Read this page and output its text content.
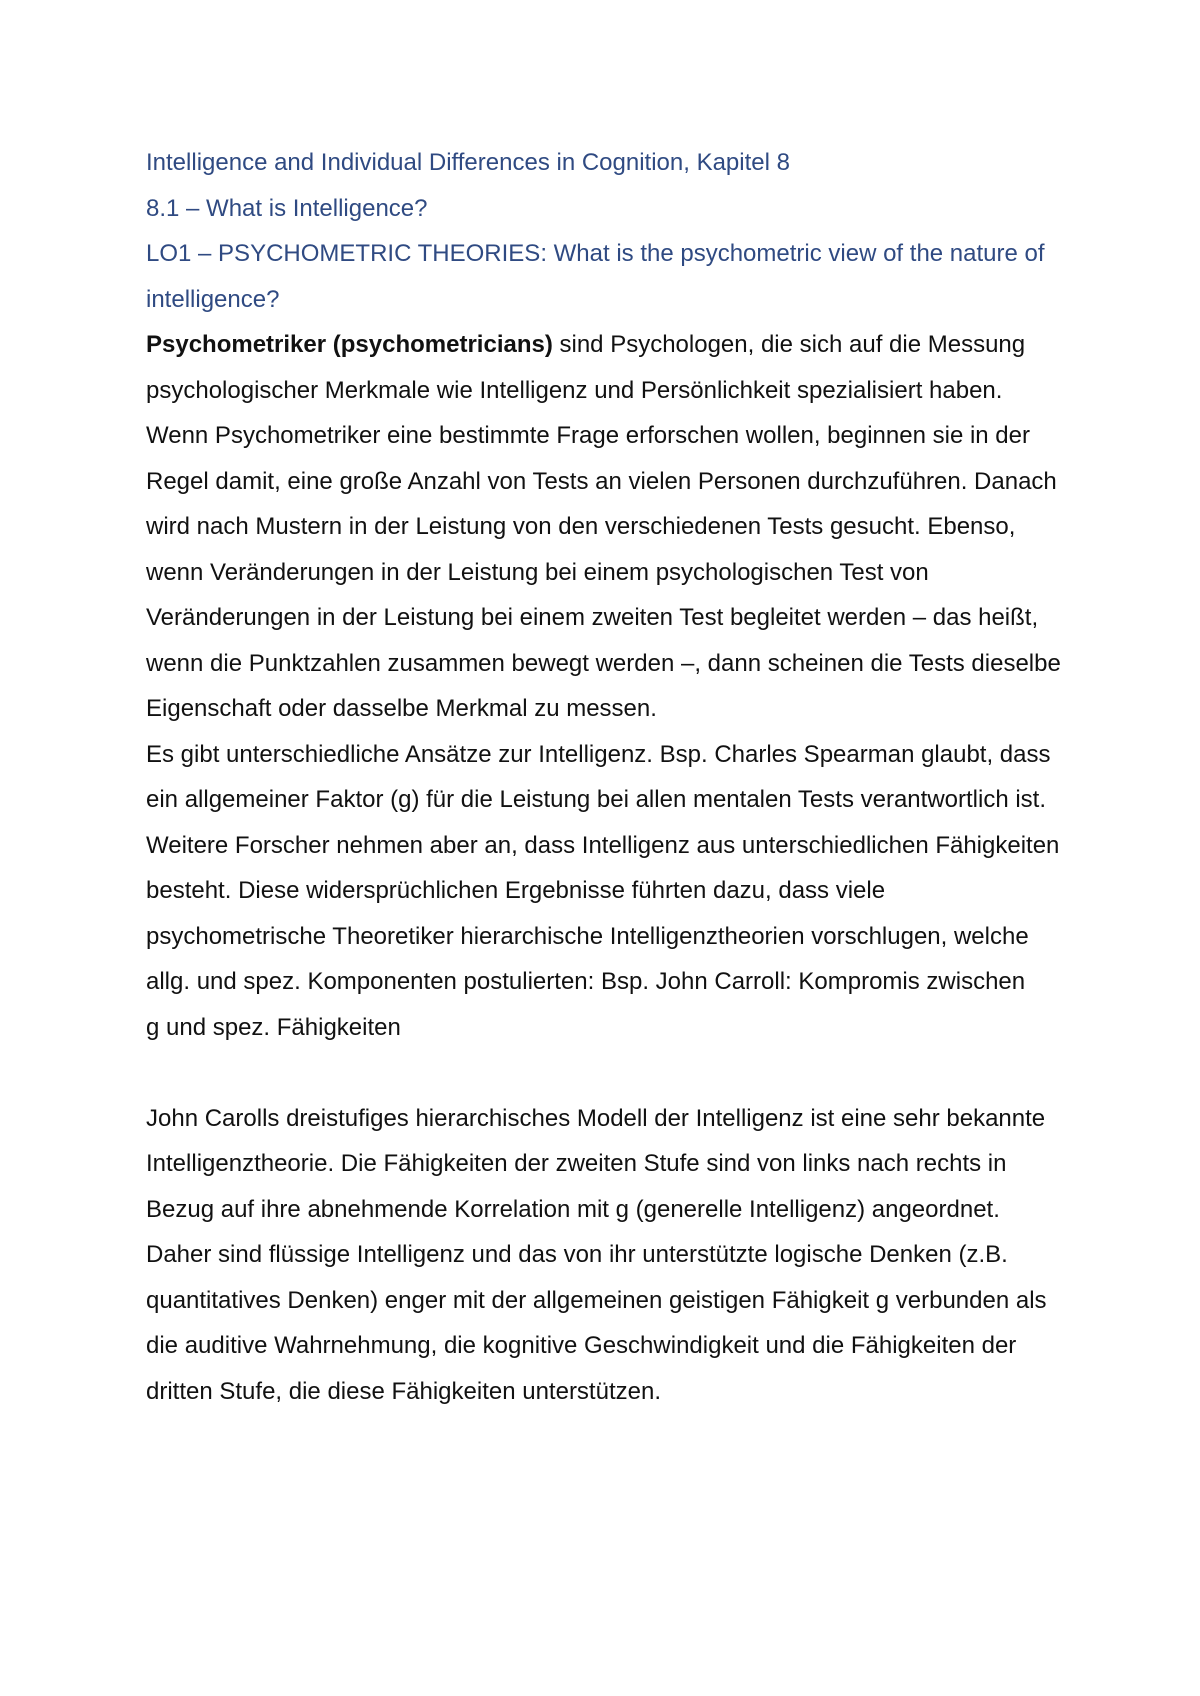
Intelligence and Individual Differences in Cognition, Kapitel 8

8.1 – What is Intelligence?

LO1 – PSYCHOMETRIC THEORIES: What is the psychometric view of the nature of intelligence?

Psychometriker (psychometricians) sind Psychologen, die sich auf die Messung psychologischer Merkmale wie Intelligenz und Persönlichkeit spezialisiert haben. Wenn Psychometriker eine bestimmte Frage erforschen wollen, beginnen sie in der Regel damit, eine große Anzahl von Tests an vielen Personen durchzuführen. Danach wird nach Mustern in der Leistung von den verschiedenen Tests gesucht. Ebenso, wenn Veränderungen in der Leistung bei einem psychologischen Test von Veränderungen in der Leistung bei einem zweiten Test begleitet werden – das heißt, wenn die Punktzahlen zusammen bewegt werden –, dann scheinen die Tests dieselbe Eigenschaft oder dasselbe Merkmal zu messen.

Es gibt unterschiedliche Ansätze zur Intelligenz. Bsp. Charles Spearman glaubt, dass ein allgemeiner Faktor (g) für die Leistung bei allen mentalen Tests verantwortlich ist. Weitere Forscher nehmen aber an, dass Intelligenz aus unterschiedlichen Fähigkeiten besteht. Diese widersprüchlichen Ergebnisse führten dazu, dass viele psychometrische Theoretiker hierarchische Intelligenztheorien vorschlugen, welche allg. und spez. Komponenten postulierten: Bsp. John Carroll: Kompromis zwischen

g und spez. Fähigkeiten

John Carolls dreistufiges hierarchisches Modell der Intelligenz ist eine sehr bekannte Intelligenztheorie. Die Fähigkeiten der zweiten Stufe sind von links nach rechts in Bezug auf ihre abnehmende Korrelation mit g (generelle Intelligenz) angeordnet. Daher sind flüssige Intelligenz und das von ihr unterstützte logische Denken (z.B. quantitatives Denken) enger mit der allgemeinen geistigen Fähigkeit g verbunden als die auditive Wahrnehmung, die kognitive Geschwindigkeit und die Fähigkeiten der dritten Stufe, die diese Fähigkeiten unterstützen.
